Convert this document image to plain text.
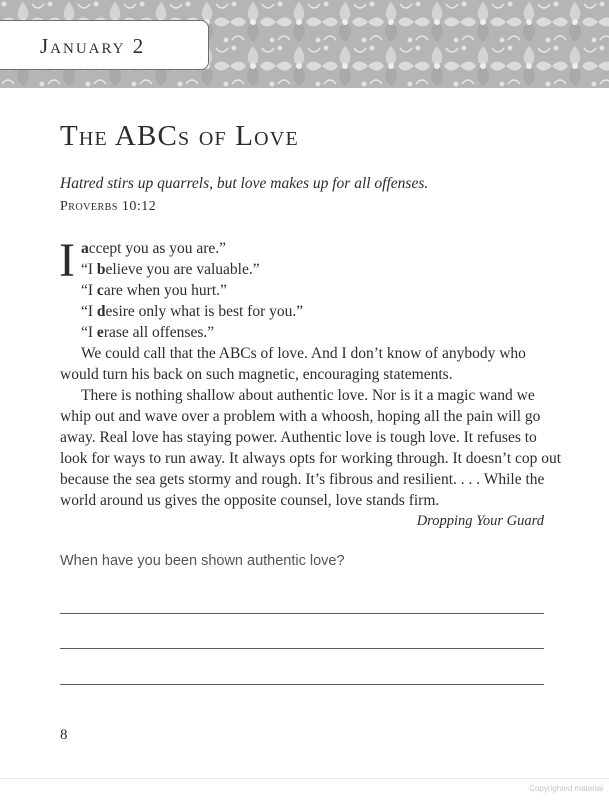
January 2
The ABCs of Love
Hatred stirs up quarrels, but love makes up for all offenses.
Proverbs 10:12
I accept you as you are.”
“I believe you are valuable.”
“I care when you hurt.”
“I desire only what is best for you.”
“I erase all offenses.”
We could call that the ABCs of love. And I don’t know of anybody who
would turn his back on such magnetic, encouraging statements.
There is nothing shallow about authentic love. Nor is it a magic wand we
whip out and wave over a problem with a whoosh, hoping all the pain will go
away. Real love has staying power. Authentic love is tough love. It refuses to
look for ways to run away. It always opts for working through. It doesn’t cop out
because the sea gets stormy and rough. It’s fibrous and resilient. . . . While the
world around us gives the opposite counsel, love stands firm.
Dropping Your Guard
When have you been shown authentic love?
8
Copyrighted material
